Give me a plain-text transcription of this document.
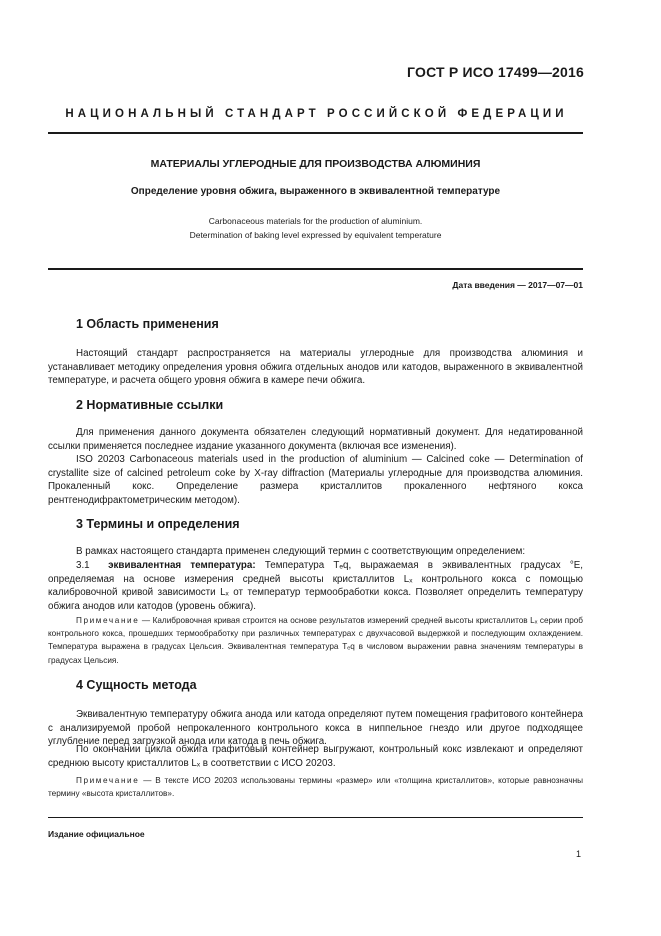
ГОСТ Р ИСО 17499—2016
НАЦИОНАЛЬНЫЙ СТАНДАРТ РОССИЙСКОЙ ФЕДЕРАЦИИ
МАТЕРИАЛЫ УГЛЕРОДНЫЕ ДЛЯ ПРОИЗВОДСТВА АЛЮМИНИЯ
Определение уровня обжига, выраженного в эквивалентной температуре
Carbonaceous materials for the production of aluminium.
Determination of baking level expressed by equivalent temperature
Дата введения — 2017—07—01
1 Область применения
Настоящий стандарт распространяется на материалы углеродные для производства алюминия и устанавливает методику определения уровня обжига отдельных анодов или катодов, выраженного в эквивалентной температуре, и расчета общего уровня обжига в камере печи обжига.
2 Нормативные ссылки
Для применения данного документа обязателен следующий нормативный документ. Для недатированной ссылки применяется последнее издание указанного документа (включая все изменения).
ISO 20203 Carbonaceous materials used in the production of aluminium — Calcined coke — Determination of crystallite size of calcined petroleum coke by X-ray diffraction (Материалы углеродные для производства алюминия. Прокаленный кокс. Определение размера кристаллитов прокаленного нефтяного кокса рентгенодифрактометрическим методом).
3 Термины и определения
В рамках настоящего стандарта применен следующий термин с соответствующим определением:
3.1 эквивалентная температура: Температура Tₑq, выражаемая в эквивалентных градусах °E, определяемая на основе измерения средней высоты кристаллитов Lₓ контрольного кокса с помощью калибровочной кривой зависимости Lₓ от температур термообработки кокса. Позволяет определить температуру обжига анодов или катодов (уровень обжига).
Примечание — Калибровочная кривая строится на основе результатов измерений средней высоты кристаллитов Lₓ серии проб контрольного кокса, прошедших термообработку при различных температурах с двухчасовой выдержкой и последующим охлаждением. Температура выражена в градусах Цельсия. Эквивалентная температура Tₑq в числовом выражении равна значениям температуры в градусах Цельсия.
4 Сущность метода
Эквивалентную температуру обжига анода или катода определяют путем помещения графитового контейнера с анализируемой пробой непрокаленного контрольного кокса в ниппельное гнездо или другое подходящее углубление перед загрузкой анода или катода в печь обжига.
По окончании цикла обжига графитовый контейнер выгружают, контрольный кокс извлекают и определяют среднюю высоту кристаллитов Lₓ в соответствии с ИСО 20203.
Примечание — В тексте ИСО 20203 использованы термины «размер» или «толщина кристаллитов», которые равнозначны термину «высота кристаллитов».
Издание официальное
1
